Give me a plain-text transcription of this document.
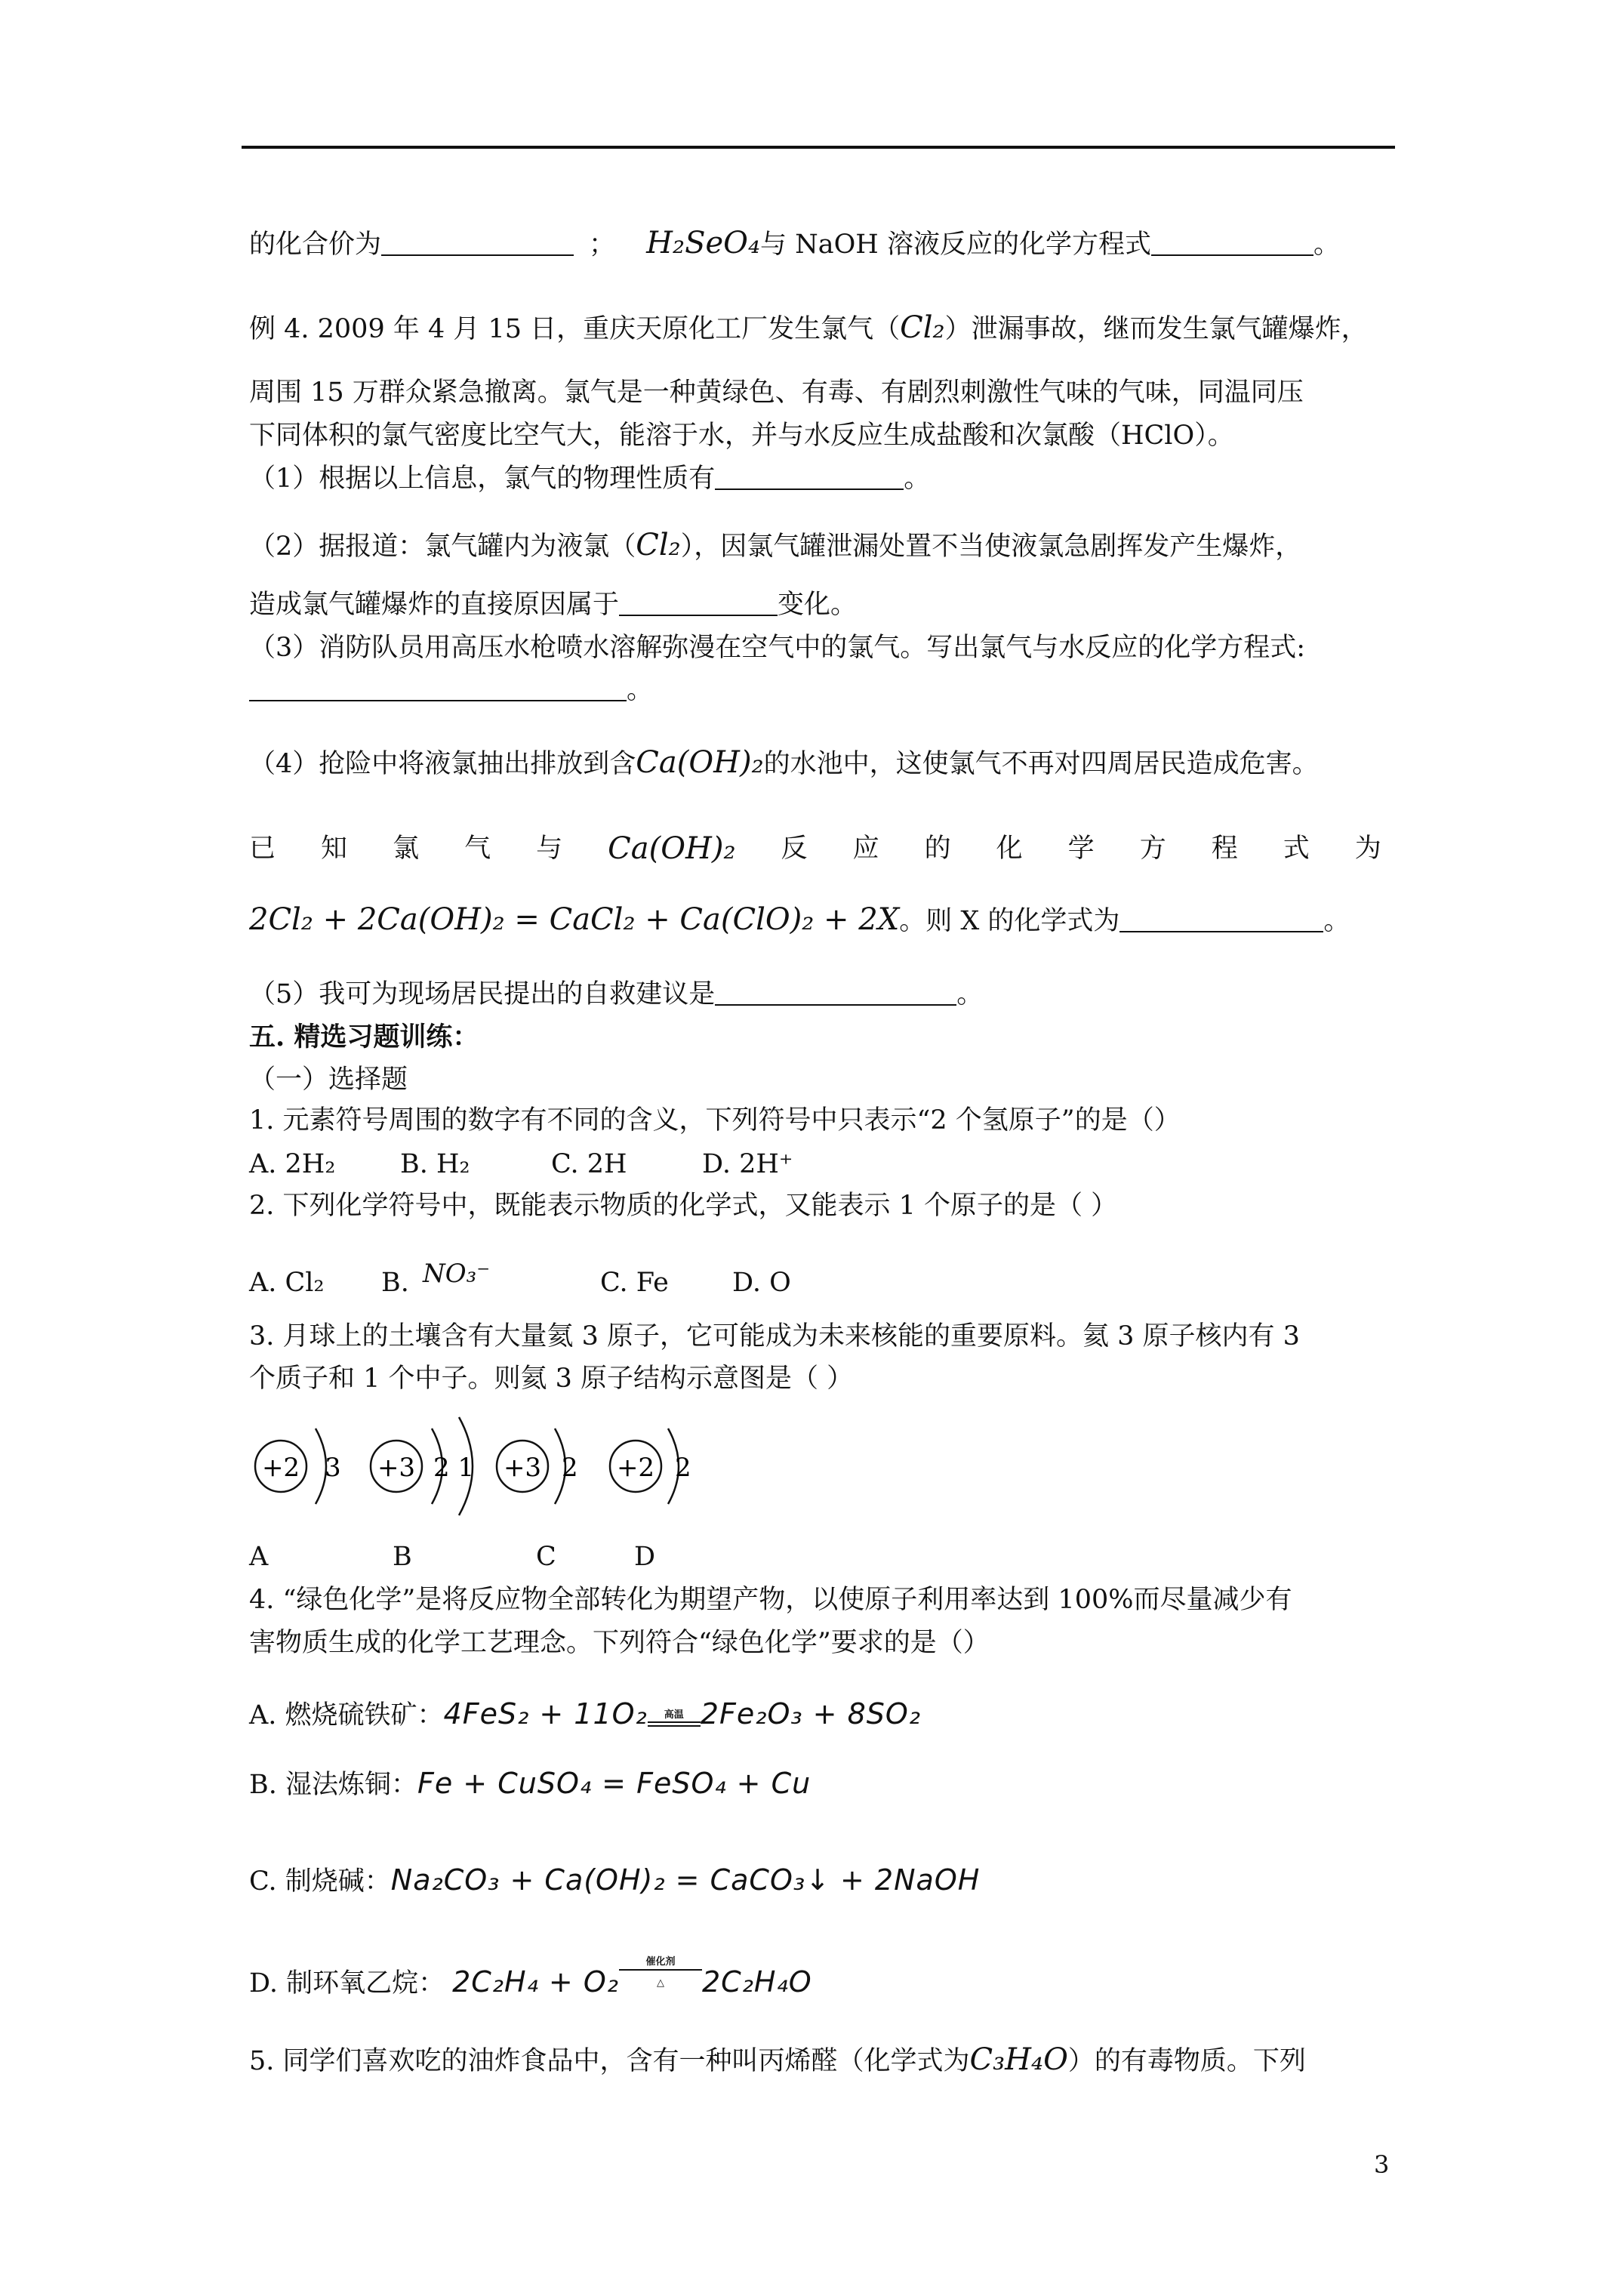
的化合价为	； H₂SeO₄与 NaOH 溶液反应的化学方程式	。
例 4. 2009 年 4 月 15 日，重庆天原化工厂发生氯气（Cl₂）泄漏事故，继而发生氯气罐爆炸，
周围 15 万群众紧急撤离。氯气是一种黄绿色、有毒、有剧烈刺激性气味的气味，同温同压
下同体积的氯气密度比空气大，能溶于水，并与水反应生成盐酸和次氯酸（HClO）。
（1）根据以上信息，氯气的物理性质有	。
（2）据报道：氯气罐内为液氯（Cl₂），因氯气罐泄漏处置不当使液氯急剧挥发产生爆炸，
造成氯气罐爆炸的直接原因属于	变化。
（3）消防队员用高压水枪喷水溶解弥漫在空气中的氯气。写出氯气与水反应的化学方程式:
。
（4）抢险中将液氯抽出排放到含Ca(OH)₂的水池中，这使氯气不再对四周居民造成危害。
已 知 氯 气 与 Ca(OH)₂ 反 应 的 化 学 方 程 式 为
2Cl₂ + 2Ca(OH)₂ = CaCl₂ + Ca(ClO)₂ + 2X。则 X 的化学式为	。
（5）我可为现场居民提出的自救建议是	。
五. 精选习题训练：
（一）选择题
1. 元素符号周围的数字有不同的含义，下列符号中只表示“2 个氢原子”的是（）
A. 2H₂ B. H₂	C. 2H	D. 2H⁺
2. 下列化学符号中，既能表示物质的化学式，又能表示 1 个原子的是（ ）
A. Cl₂ B. NO₃⁻	C. Fe D. O
3. 月球上的土壤含有大量氦 3 原子，它可能成为未来核能的重要原料。氦 3 原子核内有 3
个质子和 1 个中子。则氦 3 原子结构示意图是（ ）
+2 3 +3 2 1 +3 2 +2 2
A	B	C	D
4. “绿色化学”是将反应物全部转化为期望产物，以使原子利用率达到 100%而尽量减少有
害物质生成的化学工艺理念。下列符合“绿色化学”要求的是（）
A. 燃烧硫铁矿：4FeS₂ + 11O₂ 高温 2Fe₂O₃ + 8SO₂
B. 湿法炼铜：Fe + CuSO₄ = FeSO₄ + Cu
C. 制烧碱：Na₂CO₃ + Ca(OH)₂ = CaCO₃↓ + 2NaOH
D. 制环氧乙烷： 2C₂H₄ + O₂催化剂
△ 2C₂H₄O
5. 同学们喜欢吃的油炸食品中，含有一种叫丙烯醛（化学式为C₃H₄O）的有毒物质。下列
3
